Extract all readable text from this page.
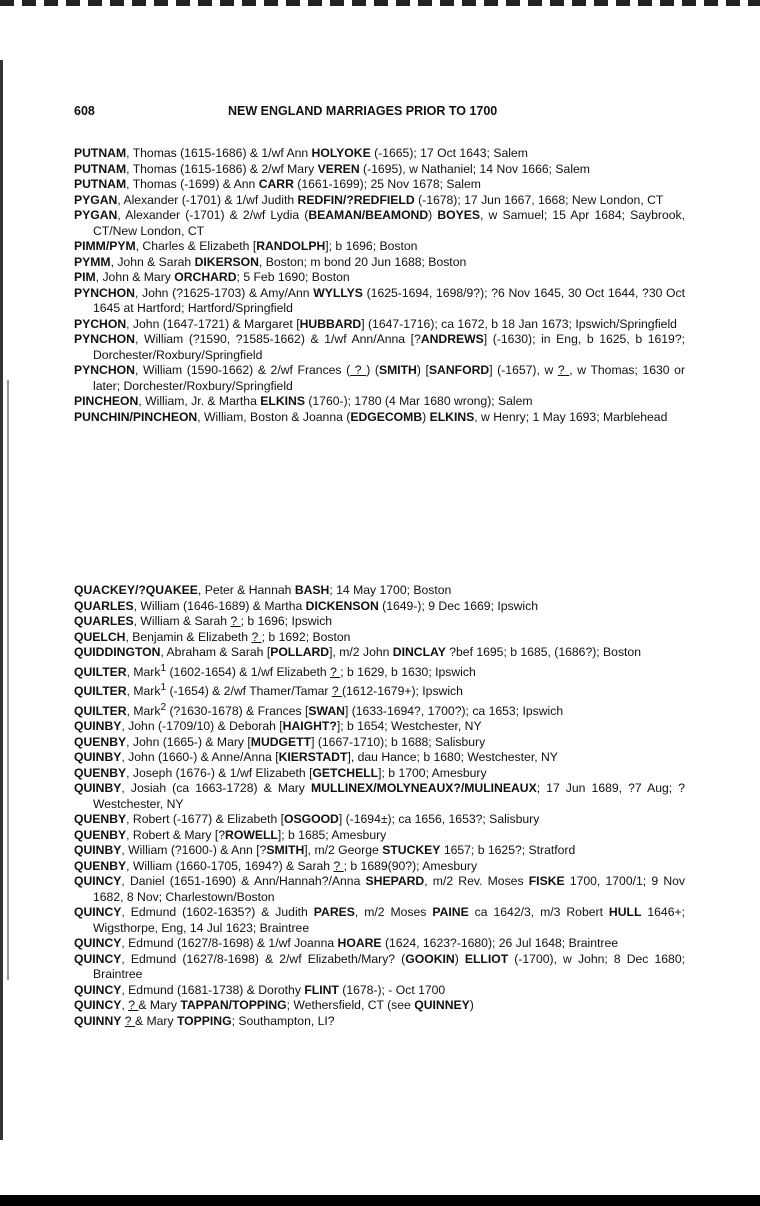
608	NEW ENGLAND MARRIAGES PRIOR TO 1700
PUTNAM, Thomas (1615-1686) & 1/wf Ann HOLYOKE (-1665); 17 Oct 1643; Salem
PUTNAM, Thomas (1615-1686) & 2/wf Mary VEREN (-1695), w Nathaniel; 14 Nov 1666; Salem
PUTNAM, Thomas (-1699) & Ann CARR (1661-1699); 25 Nov 1678; Salem
PYGAN, Alexander (-1701) & 1/wf Judith REDFIN/?REDFIELD (-1678); 17 Jun 1667, 1668; New London, CT
PYGAN, Alexander (-1701) & 2/wf Lydia (BEAMAN/BEAMOND) BOYES, w Samuel; 15 Apr 1684; Saybrook, CT/New London, CT
PIMM/PYM, Charles & Elizabeth [RANDOLPH]; b 1696; Boston
PYMM, John & Sarah DIKERSON, Boston; m bond 20 Jun 1688; Boston
PIM, John & Mary ORCHARD; 5 Feb 1690; Boston
PYNCHON, John (?1625-1703) & Amy/Ann WYLLYS (1625-1694, 1698/9?); ?6 Nov 1645, 30 Oct 1644, ?30 Oct 1645 at Hartford; Hartford/Springfield
PYCHON, John (1647-1721) & Margaret [HUBBARD] (1647-1716); ca 1672, b 18 Jan 1673; Ipswich/Springfield
PYNCHON, William (?1590, ?1585-1662) & 1/wf Ann/Anna [?ANDREWS] (-1630); in Eng, b 1625, b 1619?; Dorchester/Roxbury/Springfield
PYNCHON, William (1590-1662) & 2/wf Frances ( ? ) (SMITH) [SANFORD] (-1657), w ? , w Thomas; 1630 or later; Dorchester/Roxbury/Springfield
PINCHEON, William, Jr. & Martha ELKINS (1760-); 1780 (4 Mar 1680 wrong); Salem
PUNCHIN/PINCHEON, William, Boston & Joanna (EDGECOMB) ELKINS, w Henry; 1 May 1693; Marblehead
QUACKEY/?QUAKEE, Peter & Hannah BASH; 14 May 1700; Boston
QUARLES, William (1646-1689) & Martha DICKENSON (1649-); 9 Dec 1669; Ipswich
QUARLES, William & Sarah ? ; b 1696; Ipswich
QUELCH, Benjamin & Elizabeth ? ; b 1692; Boston
QUIDDINGTON, Abraham & Sarah [POLLARD], m/2 John DINCLAY ?bef 1695; b 1685, (1686?); Boston
QUILTER, Mark$^1$ (1602-1654) & 1/wf Elizabeth ? ; b 1629, b 1630; Ipswich
QUILTER, Mark$^1$ (-1654) & 2/wf Thamer/Tamar ? (1612-1679+); Ipswich
QUILTER, Mark$^2$ (?1630-1678) & Frances [SWAN] (1633-1694?, 1700?); ca 1653; Ipswich
QUINBY, John (-1709/10) & Deborah [HAIGHT?]; b 1654; Westchester, NY
QUENBY, John (1665-) & Mary [MUDGETT] (1667-1710); b 1688; Salisbury
QUINBY, John (1660-) & Anne/Anna [KIERSTADT], dau Hance; b 1680; Westchester, NY
QUENBY, Joseph (1676-) & 1/wf Elizabeth [GETCHELL]; b 1700; Amesbury
QUINBY, Josiah (ca 1663-1728) & Mary MULLINEX/MOLYNEAUX?/MULINEAUX; 17 Jun 1689, ?7 Aug; ?Westchester, NY
QUENBY, Robert (-1677) & Elizabeth [OSGOOD] (-1694±); ca 1656, 1653?; Salisbury
QUENBY, Robert & Mary [?ROWELL]; b 1685; Amesbury
QUINBY, William (?1600-) & Ann [?SMITH], m/2 George STUCKEY 1657; b 1625?; Stratford
QUENBY, William (1660-1705, 1694?) & Sarah ? ; b 1689(90?); Amesbury
QUINCY, Daniel (1651-1690) & Ann/Hannah?/Anna SHEPARD, m/2 Rev. Moses FISKE 1700, 1700/1; 9 Nov 1682, 8 Nov; Charlestown/Boston
QUINCY, Edmund (1602-1635?) & Judith PARES, m/2 Moses PAINE ca 1642/3, m/3 Robert HULL 1646+; Wigsthorpe, Eng, 14 Jul 1623; Braintree
QUINCY, Edmund (1627/8-1698) & 1/wf Joanna HOARE (1624, 1623?-1680); 26 Jul 1648; Braintree
QUINCY, Edmund (1627/8-1698) & 2/wf Elizabeth/Mary? (GOOKIN) ELLIOT (-1700), w John; 8 Dec 1680; Braintree
QUINCY, Edmund (1681-1738) & Dorothy FLINT (1678-); - Oct 1700
QUINCY, ? & Mary TAPPAN/TOPPING; Wethersfield, CT (see QUINNEY)
QUINNY ? & Mary TOPPING; Southampton, LI?
